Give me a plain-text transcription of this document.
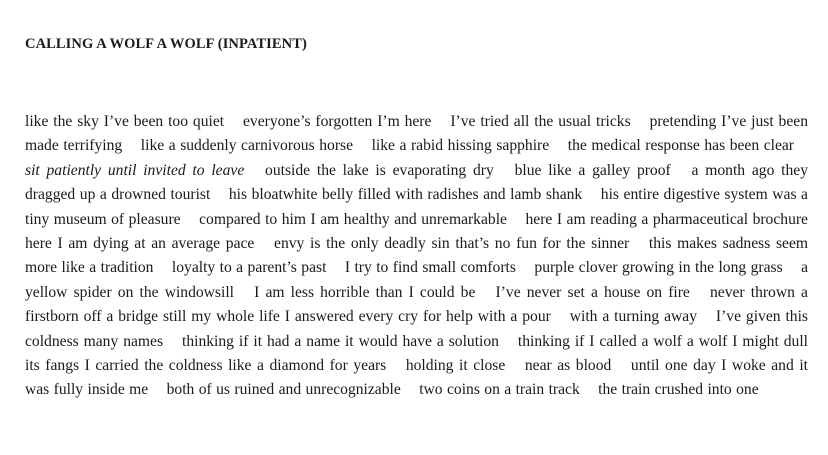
CALLING A WOLF A WOLF (INPATIENT)

like the sky I’ve been too quiet everyone’s forgotten I’m here I’ve tried all the usual tricks pretending I’ve just been made terrifying like a suddenly carnivorous horse like a rabid hissing sapphire the medical response has been clear sit patiently until invited to leave outside the lake is evaporating dry blue like a galley proof a month ago they dragged up a drowned tourist his bloatwhite belly filled with radishes and lamb shank his entire digestive system was a tiny museum of pleasure compared to him I am healthy and unremarkable here I am reading a pharmaceutical brochure here I am dying at an average pace envy is the only deadly sin that’s no fun for the sinner this makes sadness seem more like a tradition loyalty to a parent’s past I try to find small comforts purple clover growing in the long grass a yellow spider on the windowsill I am less horrible than I could be I’ve never set a house on fire never thrown a firstborn off a bridge still my whole life I answered every cry for help with a pour with a turning away I’ve given this coldness many names thinking if it had a name it would have a solution thinking if I called a wolf a wolf I might dull its fangs I carried the coldness like a diamond for years holding it close near as blood until one day I woke and it was fully inside me both of us ruined and unrecognizable two coins on a train track the train crushed into one
